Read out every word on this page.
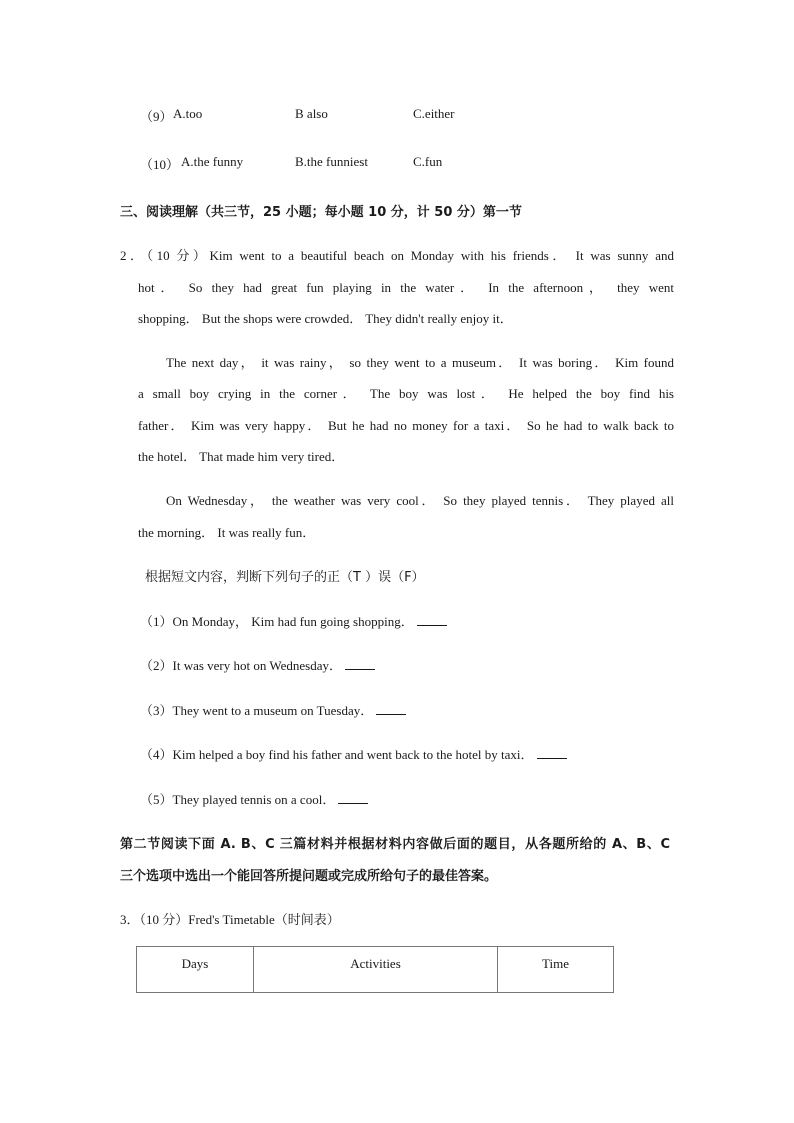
（9） A.too	B also	C.either
（10） A.the funny	B.the funniest	C.fun
三、阅读理解（共三节，25 小题；每小题 10 分，计 50 分）第一节
2．（10 分）Kim went to a beautiful beach on Monday with his friends． It was sunny and
hot． So they had great fun playing in the water． In the afternoon， they went
shopping． But the shops were crowded． They didn't really enjoy it．
The next day， it was rainy， so they went to a museum． It was boring． Kim found
a small boy crying in the corner． The boy was lost． He helped the boy find his
father． Kim was very happy． But he had no money for a taxi． So he had to walk back to
the hotel． That made him very tired．
On Wednesday， the weather was very cool． So they played tennis． They played all
the morning． It was really fun．
根据短文内容，判断下列句子的正（T ）误（F）
（1）On Monday， Kim had fun going shopping．
（2）It was very hot on Wednesday．
（3）They went to a museum on Tuesday．
（4）Kim helped a boy find his father and went back to the hotel by taxi．
（5）They played tennis on a cool．
第二节阅读下面 A. B、C 三篇材料并根据材料内容做后面的题目，从各题所给的 A、B、C
三个选项中选出一个能回答所提问题或完成所给句子的最佳答案。
3．（10 分）Fred's Timetable（时间表）
Days	Activities	Time
